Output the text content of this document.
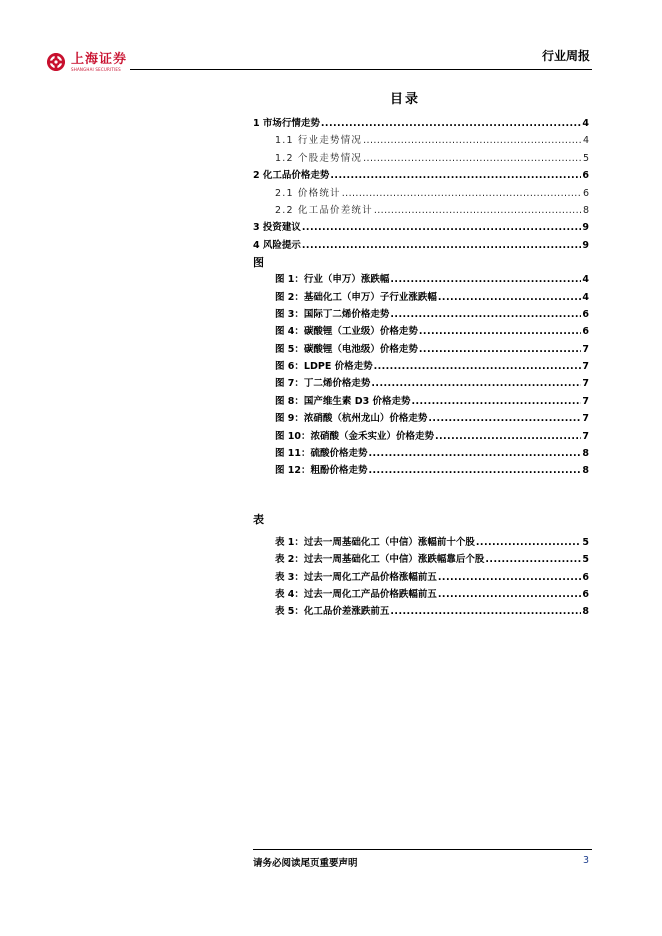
上海证券
SHANGHAI SECURITIES
行业周报
目录
1 市场行情走势 .....	4
1.1 行业走势情况 .....	4
1.2 个股走势情况 .....	5
2 化工品价格走势 .....	6
2.1 价格统计 .....	6
2.2 化工品价差统计 .....	8
3 投资建议 .....	9
4 风险提示 .....	9
图
图 1：行业（申万）涨跌幅 .....	4
图 2：基础化工（申万）子行业涨跌幅 .....	4
图 3：国际丁二烯价格走势 .....	6
图 4：碳酸锂（工业级）价格走势 .....	6
图 5：碳酸锂（电池级）价格走势 .....	7
图 6：LDPE 价格走势 .....	7
图 7：丁二烯价格走势 .....	7
图 8：国产维生素 D3 价格走势 .....	7
图 9：浓硝酸（杭州龙山）价格走势 .....	7
图 10：浓硝酸（金禾实业）价格走势 .....	7
图 11：硫酸价格走势 .....	8
图 12：粗酚价格走势 .....	8
表
表 1：过去一周基础化工（中信）涨幅前十个股 .....	5
表 2：过去一周基础化工（中信）涨跌幅靠后个股 .....	5
表 3：过去一周化工产品价格涨幅前五 .....	6
表 4：过去一周化工产品价格跌幅前五 .....	6
表 5：化工品价差涨跌前五 .....	8
请务必阅读尾页重要声明	3
